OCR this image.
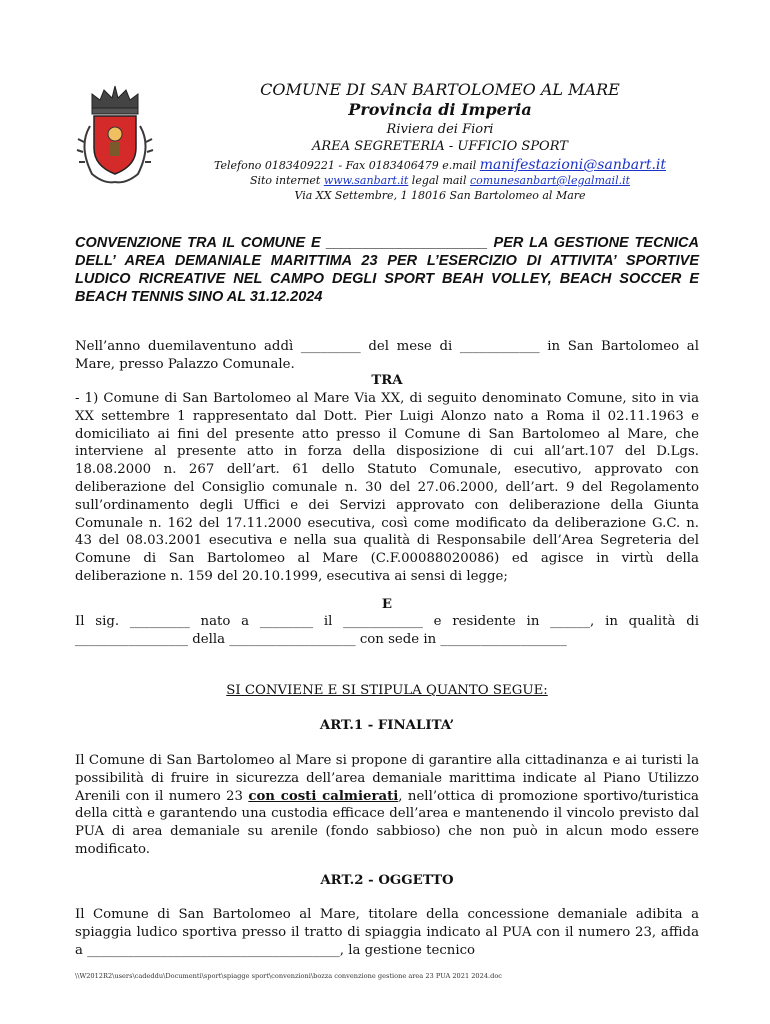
COMUNE DI SAN BARTOLOMEO AL MARE
Provincia di Imperia
Riviera dei Fiori
AREA SEGRETERIA - UFFICIO SPORT
Telefono 0183409221 - Fax 0183406479 e.mail manifestazioni@sanbart.it
Sito internet www.sanbart.it legal mail comunesanbart@legalmail.it
Via XX Settembre, 1 18016 San Bartolomeo al Mare
CONVENZIONE TRA IL COMUNE E ____________________ PER LA GESTIONE TECNICA DELL’ AREA DEMANIALE MARITTIMA 23 PER L’ESERCIZIO DI ATTIVITA’ SPORTIVE LUDICO RICREATIVE NEL CAMPO DEGLI SPORT BEAH VOLLEY, BEACH SOCCER E BEACH TENNIS SINO AL 31.12.2024
Nell’anno duemilaventuno addì _________ del mese di ____________ in San Bartolomeo al Mare, presso Palazzo Comunale.
TRA
- 1) Comune di San Bartolomeo al Mare Via XX, di seguito denominato Comune, sito in via XX settembre 1 rappresentato dal Dott. Pier Luigi Alonzo nato a Roma il 02.11.1963 e domiciliato ai fini del presente atto presso il Comune di San Bartolomeo al Mare, che interviene al presente atto in forza della disposizione di cui all’art.107 del D.Lgs. 18.08.2000 n. 267 dell’art. 61 dello Statuto Comunale, esecutivo, approvato con deliberazione del Consiglio comunale n. 30 del 27.06.2000, dell’art. 9 del Regolamento sull’ordinamento degli Uffici e dei Servizi approvato con deliberazione della Giunta Comunale n. 162 del 17.11.2000 esecutiva, così come modificato da deliberazione G.C. n. 43 del 08.03.2001 esecutiva e nella sua qualità di Responsabile dell’Area Segreteria del Comune di San Bartolomeo al Mare (C.F.00088020086) ed agisce in virtù della deliberazione n. 159 del 20.10.1999, esecutiva ai sensi di legge;
E
Il sig. _________ nato a ________ il ____________ e residente in ______, in qualità di _________________ della ___________________ con sede in ___________________
SI CONVIENE E SI STIPULA QUANTO SEGUE:
ART.1 - FINALITA’
Il Comune di San Bartolomeo al Mare si propone di garantire alla cittadinanza e ai turisti la possibilità di fruire in sicurezza dell’area demaniale marittima indicate al Piano Utilizzo Arenili con il numero 23 con costi calmierati, nell’ottica di promozione sportivo/turistica della città e garantendo una custodia efficace dell’area e mantenendo il vincolo previsto dal PUA di area demaniale su arenile (fondo sabbioso) che non può in alcun modo essere modificato.
ART.2 - OGGETTO
Il Comune di San Bartolomeo al Mare, titolare della concessione demaniale adibita a spiaggia ludico sportiva presso il tratto di spiaggia indicato al PUA con il numero 23, affida a ______________________________________, la gestione tecnico
\\W2012R2\users\cadeddu\Documenti\sport\spiagge sport\convenzioni\bozza convenzione gestione area 23 PUA 2021 2024.doc
